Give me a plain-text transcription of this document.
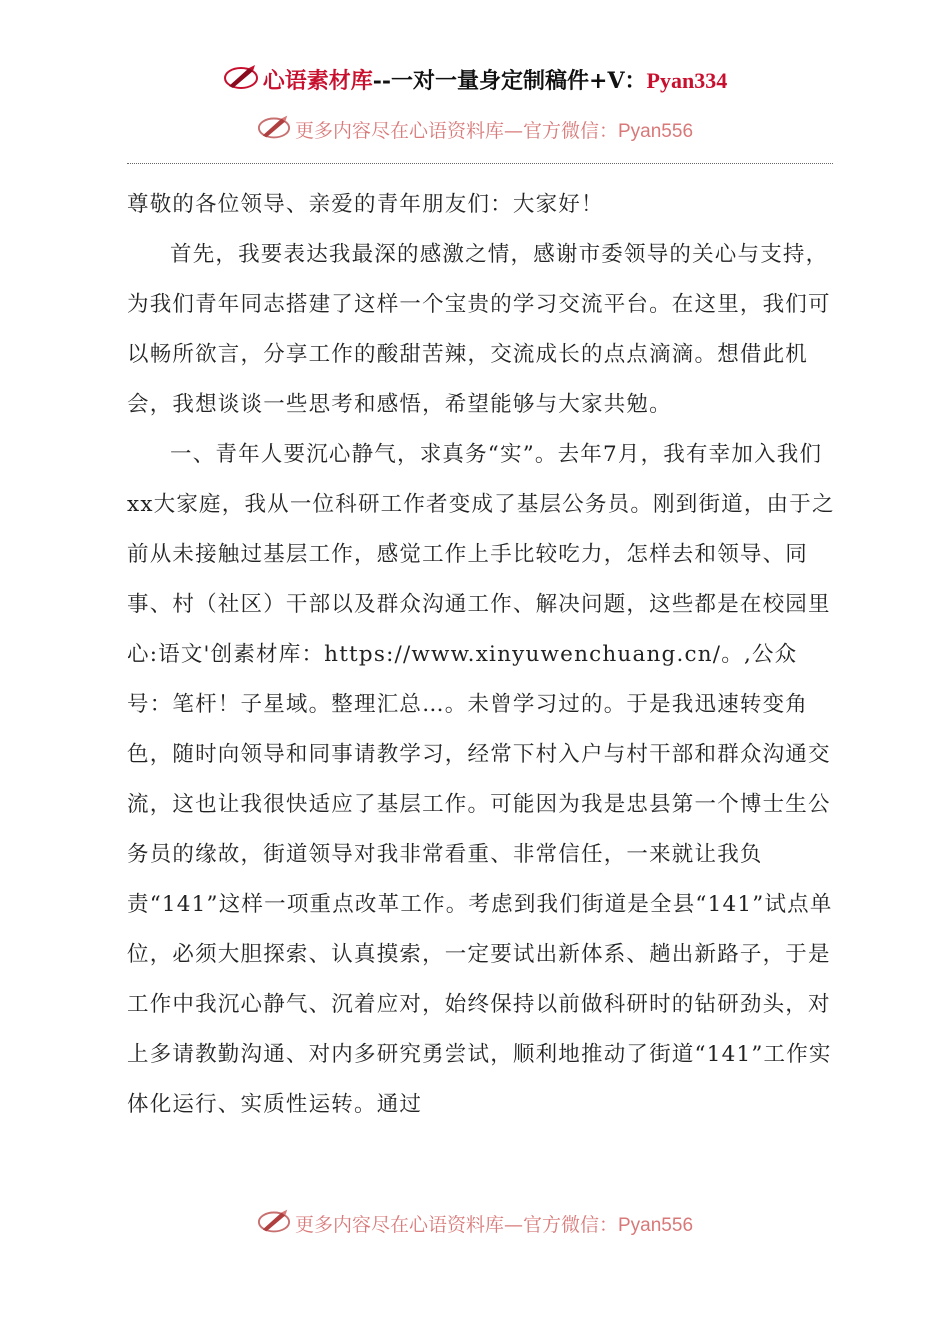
心语素材库--一对一量身定制稿件+V：Pyan334
更多内容尽在心语资料库—官方微信：Pyan556

尊敬的各位领导、亲爱的青年朋友们：大家好！

首先，我要表达我最深的感激之情，感谢市委领导的关心与支持，为我们青年同志搭建了这样一个宝贵的学习交流平台。在这里，我们可以畅所欲言，分享工作的酸甜苦辣，交流成长的点点滴滴。想借此机会，我想谈谈一些思考和感悟，希望能够与大家共勉。

一、青年人要沉心静气，求真务“实”。去年7月，我有幸加入我们xx大家庭，我从一位科研工作者变成了基层公务员。刚到街道，由于之前从未接触过基层工作，感觉工作上手比较吃力，怎样去和领导、同事、村（社区）干部以及群众沟通工作、解决问题，这些都是在校园里心:语文'创素材库：https://www.xinyuwenchuang.cn/。,公众号：笔杆！子星域。整理汇总…。未曾学习过的。于是我迅速转变角色，随时向领导和同事请教学习，经常下村入户与村干部和群众沟通交流，这也让我很快适应了基层工作。可能因为我是忠县第一个博士生公务员的缘故，街道领导对我非常看重、非常信任，一来就让我负责“141”这样一项重点改革工作。考虑到我们街道是全县“141”试点单位，必须大胆探索、认真摸索，一定要试出新体系、趟出新路子，于是工作中我沉心静气、沉着应对，始终保持以前做科研时的钻研劲头，对上多请教勤沟通、对内多研究勇尝试，顺利地推动了街道“141”工作实体化运行、实质性运转。通过

更多内容尽在心语资料库—官方微信：Pyan556
